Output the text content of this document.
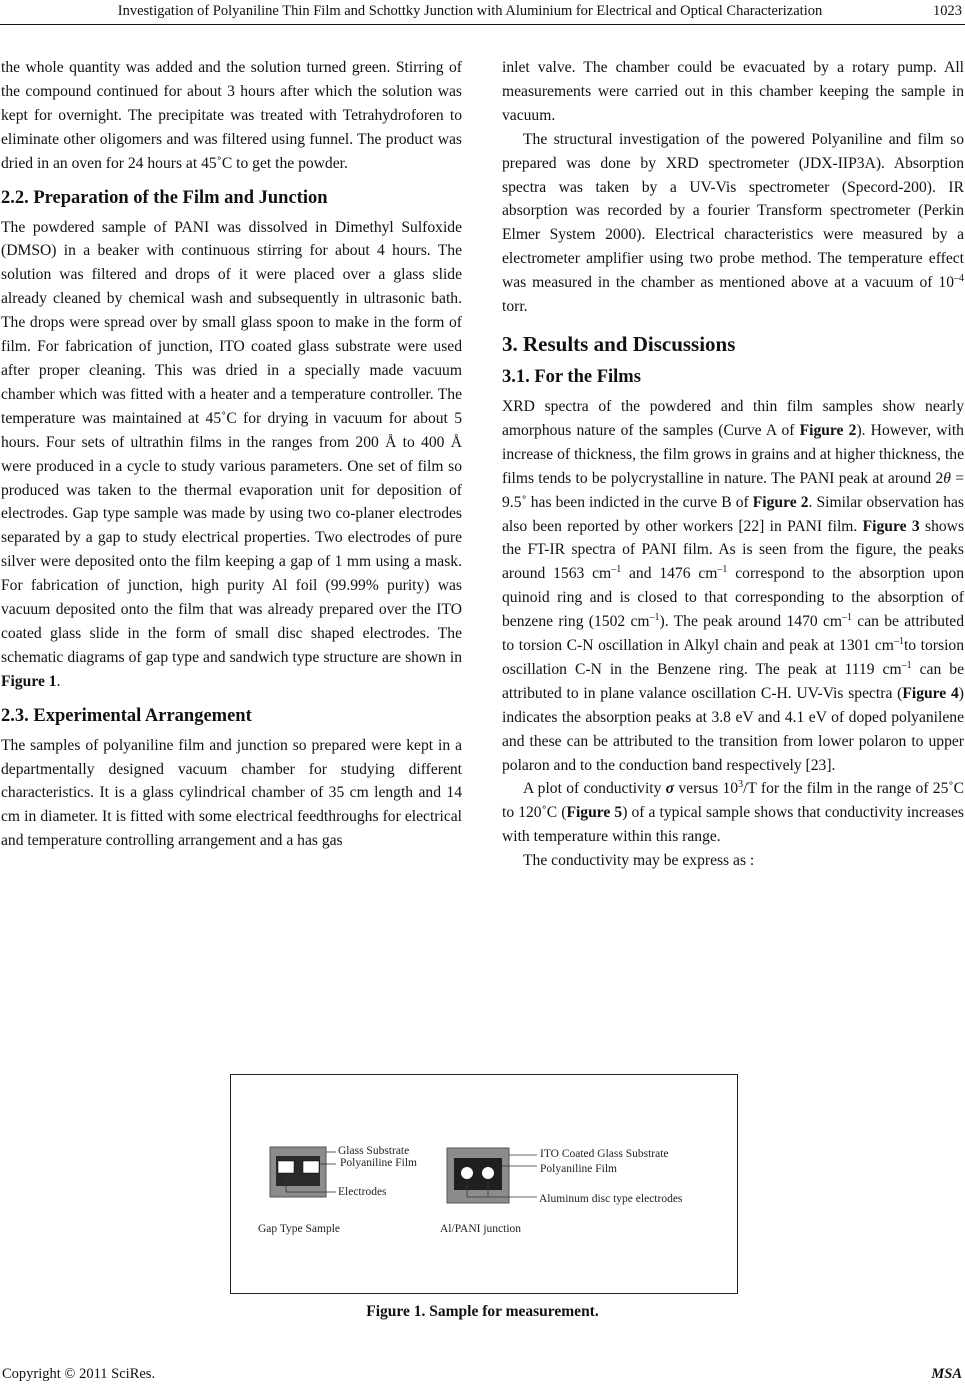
Investigation of Polyaniline Thin Film and Schottky Junction with Aluminium for Electrical and Optical Characterization	1023

the whole quantity was added and the solution turned green. Stirring of the compound continued for about 3 hours after which the solution was kept for overnight. The precipitate was treated with Tetrahydroforen to eliminate other oligomers and was filtered using funnel. The product was dried in an oven for 24 hours at 45˚C to get the powder.

2.2. Preparation of the Film and Junction

The powdered sample of PANI was dissolved in Dimethyl Sulfoxide (DMSO) in a beaker with continuous stirring for about 4 hours. The solution was filtered and drops of it were placed over a glass slide already cleaned by chemical wash and subsequently in ultrasonic bath. The drops were spread over by small glass spoon to make in the form of film. For fabrication of junction, ITO coated glass substrate were used after proper cleaning. This was dried in a specially made vacuum chamber which was fitted with a heater and a temperature controller. The temperature was maintained at 45˚C for drying in vacuum for about 5 hours. Four sets of ultrathin films in the ranges from 200 Å to 400 Å were produced in a cycle to study various parameters. One set of film so produced was taken to the thermal evaporation unit for deposition of electrodes. Gap type sample was made by using two co-planer electrodes separated by a gap to study electrical properties. Two electrodes of pure silver were deposited onto the film keeping a gap of 1 mm using a mask. For fabrication of junction, high purity Al foil (99.99% purity) was vacuum deposited onto the film that was already prepared over the ITO coated glass slide in the form of small disc shaped electrodes. The schematic diagrams of gap type and sandwich type structure are shown in Figure 1.

2.3. Experimental Arrangement

The samples of polyaniline film and junction so prepared were kept in a departmentally designed vacuum chamber for studying different characteristics. It is a glass cylindrical chamber of 35 cm length and 14 cm in diameter. It is fitted with some electrical feedthroughs for electrical and temperature controlling arrangement and a has gas

inlet valve. The chamber could be evacuated by a rotary pump. All measurements were carried out in this chamber keeping the sample in vacuum.

The structural investigation of the powered Polyaniline and film so prepared was done by XRD spectrometer (JDX-IIP3A). Absorption spectra was taken by a UV-Vis spectrometer (Specord-200). IR absorption was recorded by a fourier Transform spectrometer (Perkin Elmer System 2000). Electrical characteristics were measured by a electrometer amplifier using two probe method. The temperature effect was measured in the chamber as mentioned above at a vacuum of $10^{-4}$ torr.

3. Results and Discussions
3.1. For the Films

XRD spectra of the powdered and thin film samples show nearly amorphous nature of the samples (Curve A of Figure 2). However, with increase of thickness, the film grows in grains and at higher thickness, the films tends to be polycrystalline in nature. The PANI peak at around 2θ = 9.5˚ has been indicted in the curve B of Figure 2. Similar observation has also been reported by other workers [22] in PANI film. Figure 3 shows the FT-IR spectra of PANI film. As is seen from the figure, the peaks around 1563 $cm^{-1}$ and 1476 $cm^{-1}$ correspond to the absorption upon quinoid ring and is closed to that corresponding to the absorption of benzene ring (1502 $cm^{-1}$). The peak around 1470 $cm^{-1}$ can be attributed to torsion C-N oscillation in Alkyl chain and peak at 1301 $cm^{-1}to$ torsion oscillation C-N in the Benzene ring. The peak at 1119 $cm^{-1}$ can be attributed to in plane valance oscillation C-H. UV-Vis spectra (Figure 4) indicates the absorption peaks at 3.8 eV and 4.1 eV of doped polyanilene and these can be attributed to the transition from lower polaron to upper polaron and to the conduction band respectively [23].

A plot of conductivity σ versus $10^3/T$ for the film in the range of 25˚C to 120˚C (Figure 5) of a typical sample shows that conductivity increases with temperature within this range.

The conductivity may be express as :

Glass Substrate
Polyaniline Film
Electrodes
Gap Type Sample
ITO Coated Glass Substrate
Polyaniline Film
Aluminum disc type electrodes
Al/PANI junction
Figure 1. Sample for measurement.
Copyright © 2011 SciRes.	MSA
